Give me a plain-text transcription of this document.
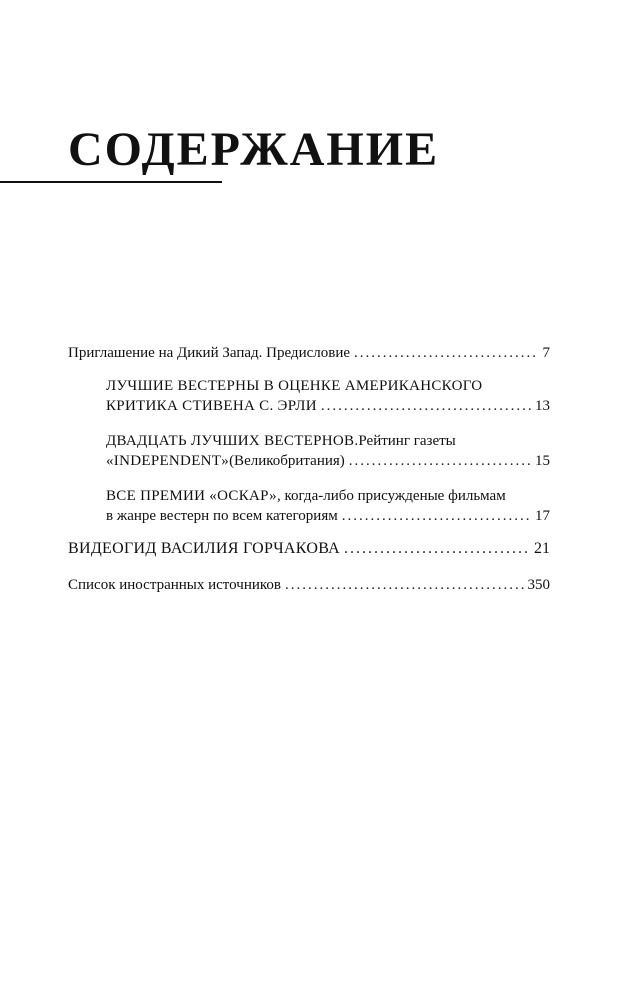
СОДЕРЖАНИЕ
Приглашение на Дикий Запад. Предисловие .....	7
ЛУЧШИЕ ВЕСТЕРНЫ В ОЦЕНКЕ АМЕРИКАНСКОГО
КРИТИКА СТИВЕНА С. ЭРЛИ .....	13
ДВАДЦАТЬ ЛУЧШИХ ВЕСТЕРНОВ. Рейтинг газеты
«INDEPENDENT» (Великобритания) .....	15
ВСЕ ПРЕМИИ «ОСКАР» , когда-либо присужденые фильмам
в жанре вестерн по всем категориям .....	17
ВИДЕОГИД ВАСИЛИЯ ГОРЧАКОВА .....	21
Список иностранных источников .....	350
